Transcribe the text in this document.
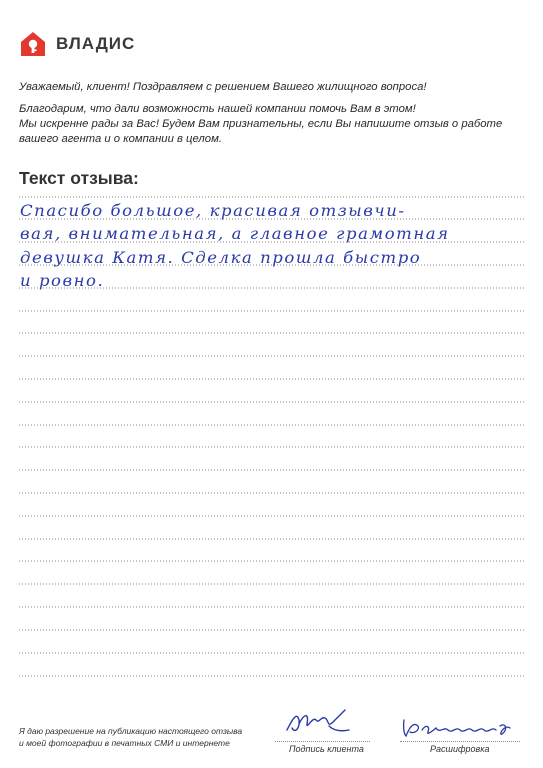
ВЛАДИС

Уважаемый, клиент! Поздравляем с решением Вашего жилищного вопроса!

Благодарим, что дали возможность нашей компании помочь Вам в этом!

Мы искренне рады за Вас! Будем Вам признательны, если Вы напишите отзыв о работе

вашего агента и о компании в целом.

Текст отзыва:
Спасибо большое, красивая отзывчи-
вая, внимательная, а главное грамотная
девушка Катя. Сделка прошла быстро
и ровно.
Я даю разрешение на публикацию настоящего отзыва
и моей фотографии в печатных СМИ и интернете
Подпись клиента	Расшифровка
